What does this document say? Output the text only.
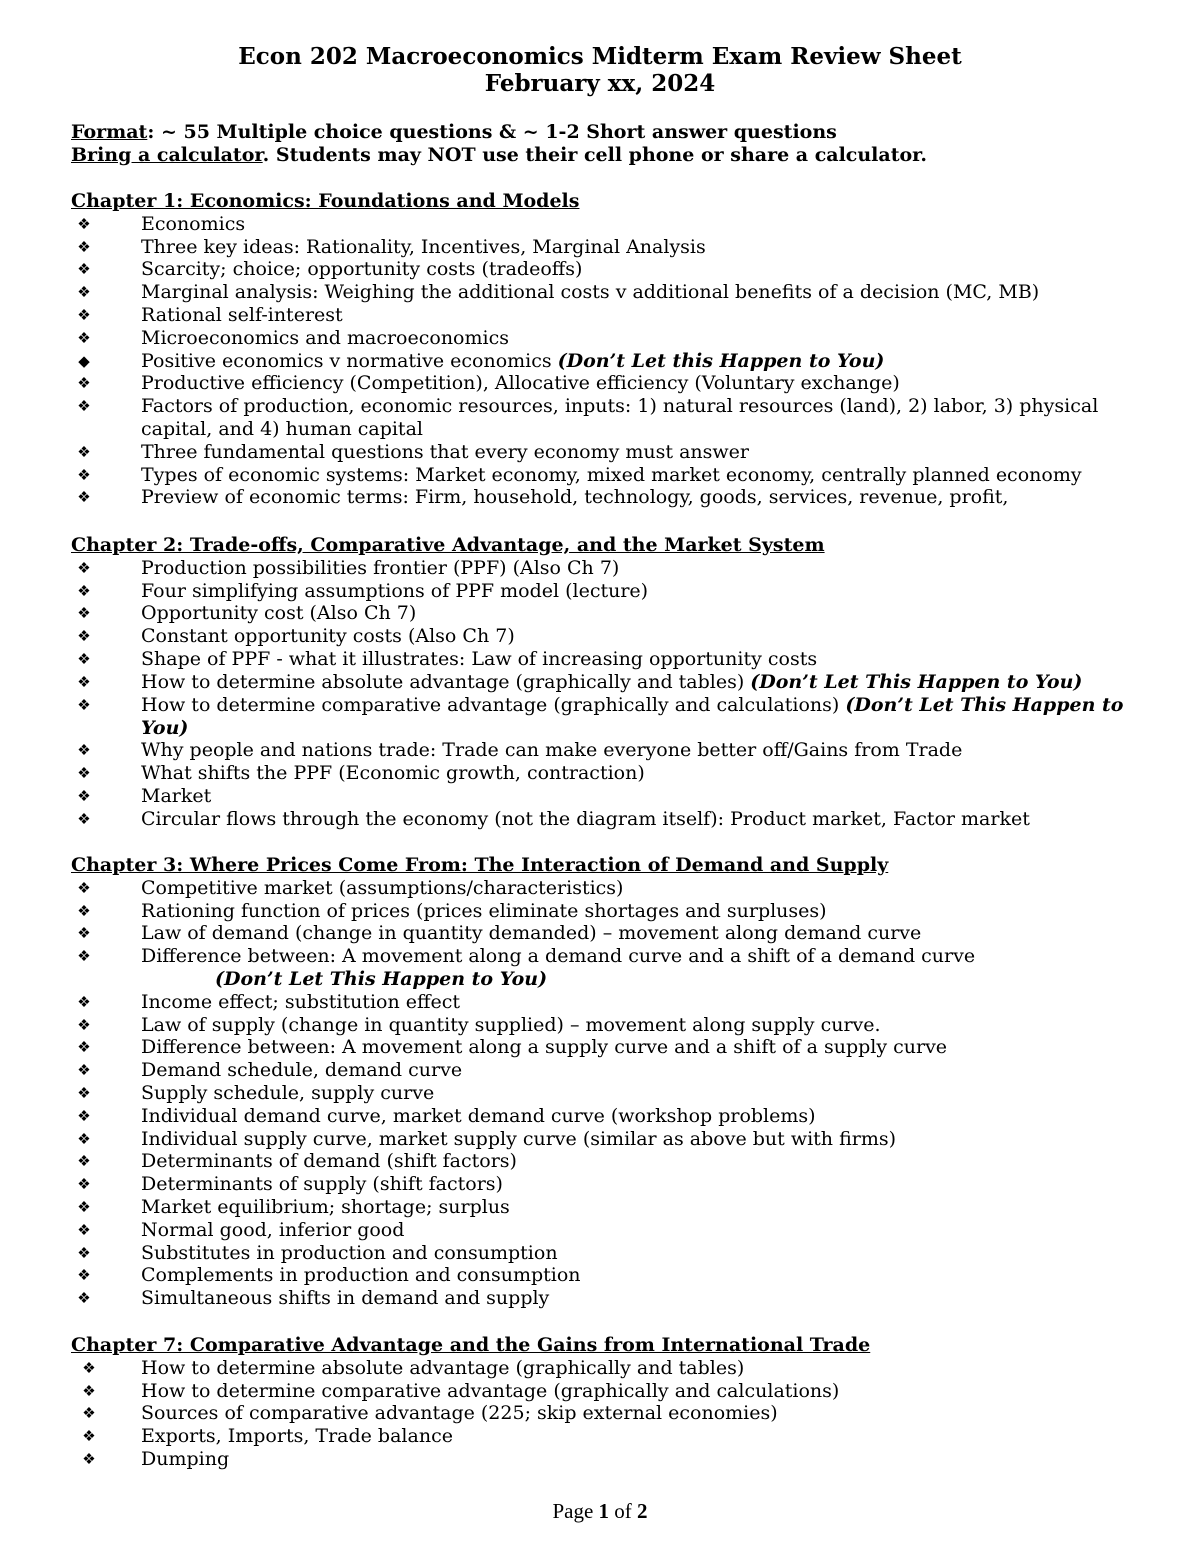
Econ 202 Macroeconomics Midterm Exam Review Sheet
February xx, 2024
Format: ~ 55 Multiple choice questions & ~ 1-2 Short answer questions
Bring a calculator. Students may NOT use their cell phone or share a calculator.
Chapter 1: Economics: Foundations and Models
❖	Economics
❖	Three key ideas: Rationality, Incentives, Marginal Analysis
❖	Scarcity; choice; opportunity costs (tradeoffs)
❖	Marginal analysis: Weighing the additional costs v additional benefits of a decision (MC, MB)
❖	Rational self-interest
❖	Microeconomics and macroeconomics
◆	Positive economics v normative economics (Don’t Let this Happen to You)
❖	Productive efficiency (Competition), Allocative efficiency (Voluntary exchange)
❖	Factors of production, economic resources, inputs: 1) natural resources (land), 2) labor, 3) physical capital, and 4) human capital
❖	Three fundamental questions that every economy must answer
❖	Types of economic systems: Market economy, mixed market economy, centrally planned economy
❖	Preview of economic terms: Firm, household, technology, goods, services, revenue, profit,
Chapter 2: Trade-offs, Comparative Advantage, and the Market System
❖	Production possibilities frontier (PPF) (Also Ch 7)
❖	Four simplifying assumptions of PPF model (lecture)
❖	Opportunity cost (Also Ch 7)
❖	Constant opportunity costs (Also Ch 7)
❖	Shape of PPF - what it illustrates: Law of increasing opportunity costs
❖	How to determine absolute advantage (graphically and tables) (Don’t Let This Happen to You)
❖	How to determine comparative advantage (graphically and calculations) (Don’t Let This Happen to You)
❖	Why people and nations trade: Trade can make everyone better off/Gains from Trade
❖	What shifts the PPF (Economic growth, contraction)
❖	Market
❖	Circular flows through the economy (not the diagram itself): Product market, Factor market
Chapter 3: Where Prices Come From: The Interaction of Demand and Supply
❖	Competitive market (assumptions/characteristics)
❖	Rationing function of prices (prices eliminate shortages and surpluses)
❖	Law of demand (change in quantity demanded) – movement along demand curve
❖	Difference between: A movement along a demand curve and a shift of a demand curve
(Don’t Let This Happen to You)
❖	Income effect; substitution effect
❖	Law of supply (change in quantity supplied) – movement along supply curve.
❖	Difference between: A movement along a supply curve and a shift of a supply curve
❖	Demand schedule, demand curve
❖	Supply schedule, supply curve
❖	Individual demand curve, market demand curve (workshop problems)
❖	Individual supply curve, market supply curve (similar as above but with firms)
❖	Determinants of demand (shift factors)
❖	Determinants of supply (shift factors)
❖	Market equilibrium; shortage; surplus
❖	Normal good, inferior good
❖	Substitutes in production and consumption
❖	Complements in production and consumption
❖	Simultaneous shifts in demand and supply
Chapter 7: Comparative Advantage and the Gains from International Trade
❖ How to determine absolute advantage (graphically and tables)
❖ How to determine comparative advantage (graphically and calculations)
❖ Sources of comparative advantage (225; skip external economies)
❖ Exports, Imports, Trade balance
❖ Dumping
Page 1 of 2
